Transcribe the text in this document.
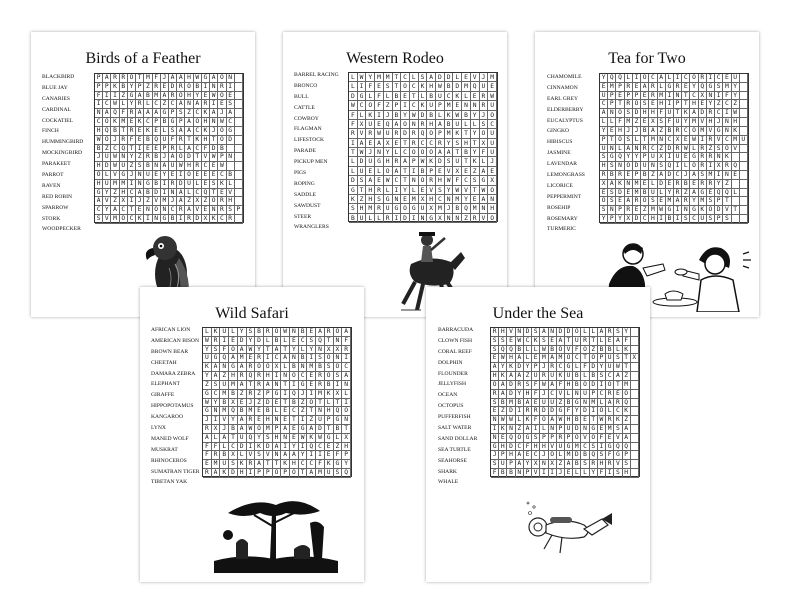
Birds of a Feather
BLACKBIRD
BLUE JAY
CANARIES
CARDINAL
COCKATIEL
FINCH
HUMMINGBIRD
MOCKINGBIRD
PARAKEET
PARROT
RAVEN
RED ROBIN
SPARROW
STORK
WOODPECKER
P A R R O T M F J A A H W G A O N
P P K B Y P Z R E D R O B I N R I
F I I Z G A B M A R O H Y E W O E
I C W L Y R L C Z C A N A R I E S
N A Q F R A A A G P S Z C K A J A
C O K M E K C P B G P A O H N W C
H Q B T R E K E L S A A C K J O G
W O J R F E B Q U F R T K H T O D
B Z C Q T I E E P R L A C F D B
J U W N Y Z R B J A O D T V W P N
H D W U Z S B N A U W H R C E W
O L V G J N U E Y E I O E E E C B
H U M M I N G B I R D U L E S K L
G Y Z H C A B D I N A L C Q T E V
A V Z X I J Z V M J A Z X Z O R H
C Y A C T E N O N C R A V E N R S P
S V M O C K I N G B I R D X K C R
Western Rodeo
BARREL RACING
BRONCO
BULL
CATTLE
COWBOY
FLAGMAN
LIFESTOCK
PARADE
PICKUP MEN
PIGS
ROPING
SADDLE
SAWDUST
STEER
WRANGLERS
L W Y M M T C L S A D D L E V J M
L I F E S T O C K H W B D M Q U E
D G L F L B E T L B U C K L E R W
W C O F Z P I C K U P M E N N R U
F L K I J B Y W D B L K W B Y J O
F X U E Q A O N R H A B U L L S C
R V R W U R D R Q O P M K T Y O U
I A E A X E T R C C R Y S H T X U
T W J N Y L C O O O A A T B Y F U
L D U G H R A P W K D S U T K L J
L U E L O A T I B P E V X E Z A E
D S A E W C T N O R H W F C S G X
G T H R L I Y L E V S Y W V T W O
K Z H S G N E M X H C N M Y E A N
S H M R U G O G U X M J B Q M N H
B U L L R I D I N G X N N Z R V O
Tea for Two
CHAMOMILE
CINNAMON
EARL GREY
ELDERBERRY
EUCALYPTUS
GINGKO
HIBISCUS
JASMINE
LAVENDAR
LEMONGRASS
LICORICE
PEPPERMINT
ROSEHIP
ROSEMARY
TURMERIC
Y Q Q L I O C A L I C O R I C E U
E M P R E A R L G R E Y Q G S M Y
U P E P P E R M I N T C X N I F Y
C P T R O S E H I P T H E Y Z C Z
A N O S D H H F U T K A D R C I W
L L F M Z E X S F U Y M V H J N H
Y E H J J B A Z B R C O M V G N K
P T O S L T M N C X E W I R V C M U
U N L A N R C Z D R W L R Z S O V
S G Q Y Y P U X I U E G R R N K
H S N O D U N S Q I L O R I X R Q
R B R E P B Z A D C J A S M I N E
X A K N M E L D E R B E R R Y Z
E S D E M B U L Y R Z A G E Q Q L
O S E A R O S E M A R Y M S P T
S N P R E Z M W G I N G K O D V T
Y P Y X D C H I B I S C U S P S
Wild Safari
AFRICAN LION
AMERICAN BISON
BROWN BEAR
CHEETAH
DAMARA ZEBRA
ELEPHANT
GIRAFFE
HIPPOPOTAMUS
KANGAROO
LYNX
MANED WOLF
MUSKRAT
RHINOCEROS
SUMATRAN TIGER
TIBETAN YAK
L K U L Y S B R O W N B E A R O A
W R I E D Y D L B L E C S Q T N F
Y S F O A W Y T A T Y L Y N X X R
U G Q A M E R I C A N B I S O N I
K A N G A R O O X L B N M B S O C
Y A Z H R Q R H I N O C E R O S A
Z S U M A T R A N T I G E R B I N
G C M B Z R Z P G I Q J I M K X L
W Y B X E J Z D E T B Z O T L T I
G N M Q B M E B L E C Z T N H Q O
J I V Y A R E H N E T I Z U P G N
R X J B A W O M P A E G A D T B T
A L A T U Q Y S H N E W K W G L X
F F L C D I K D A I Y I Q C E Z H
F R B X L V S V N A A Y I I E F P
E M U S K R A T T K H C C F K G Y
R A K D H I P P O P O T A M U S Q
Under the Sea
BARRACUDA
CLOWN FISH
CORAL REEF
DOLPHIN
FLOUNDER
JELLYFISH
OCEAN
OCTOPUS
PUFFERFISH
SALT WATER
SAND DOLLAR
SEA TURTLE
SEAHORSE
SHARK
WHALE
R H V N D S A N D D O L L A R S Y
S S E W C K S E A T U R T L E A F
S Q Q B L L W B O V F O Z B B L K
E W H A L E M A M O C T O P U S T X
A Y K D Y P J R C G L F D Y U W T
H K A A Z U R U K U B L B S C A Z
O A D R S F W A F H B O D I O T M
R A D Y H F J C V L N U P C R E O
S B M B A E U U Z B G N M L A R Q
E Z D I R R D D G F Y D I O L C K
N W W L K F O A W H B E T W R K Z
I K N Z A I L N P U D N G E M S A
N E Q O G S P P R P O V O F E V A
G H D C F H H V U G M C S I G Q Q
J P H A E C J O L M D B Q S F G P
S U P A Y X N X Z A B S R H R V S
F B B N P V I I J E L L Y F I S H
